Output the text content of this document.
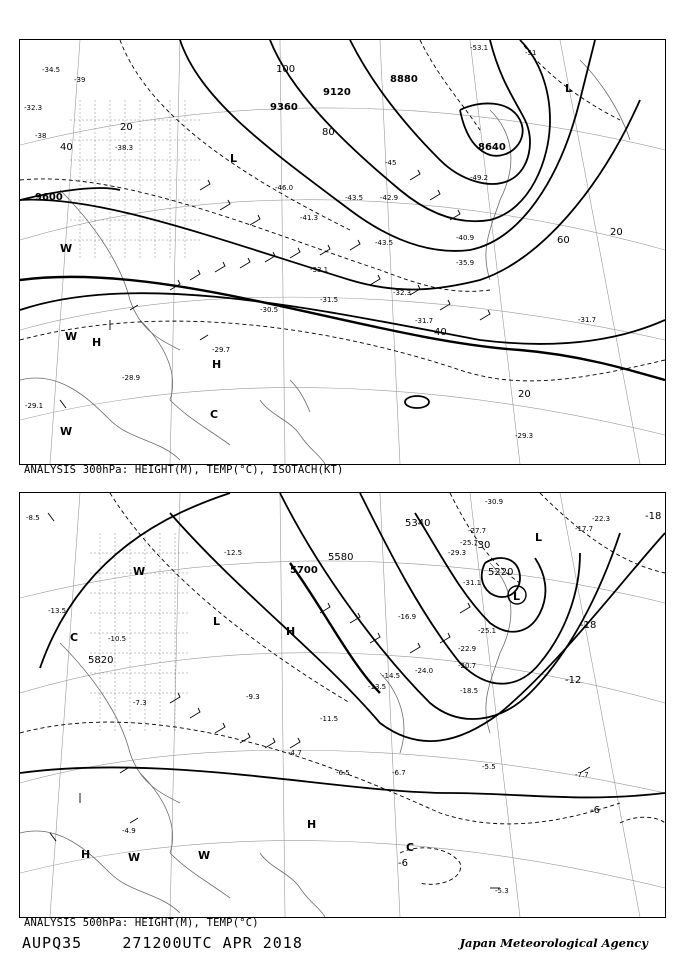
9600
9360
9120
8880
8640
20
20
20
40
40
60
80
100
L
L
H
H
W
W
W
C
-34.5
-32.3
-38
-39
-45
-41.3
-43.5
-46.0
-42.9
-40.9
-35.9
-33.1
-32.3
-31.7
-29.3
-29.7
-28.9
-38.3
-31.5
-30.5
-29.1
-49.2
-53.1
-51
-31.7
-43.5
ANALYSIS 300hPa: HEIGHT(M), TEMP(°C), ISOTACH(KT)
5820
5700
5580
5340
5220
-6
-6
-12
-18
-18
-30
L
L
L
H
H
H
W
W	W
C
C
-8.5
-13.5
-10.5
-12.5
-11.5
-9.3
-7.3
-6.5
-5.5
-5.3
-4.7
-16.9
-17.7
-22.3
-25.7
-30.9
-31.1
-14.5
-13.5
-24.0
-7.7
-6.7
-18.5
-20.7
-22.9
-27.7
-25.1
-29.3
-4.9
ANALYSIS 500hPa: HEIGHT(M), TEMP(°C)
AUPQ35	271200UTC APR 2018	Japan Meteorological Agency
